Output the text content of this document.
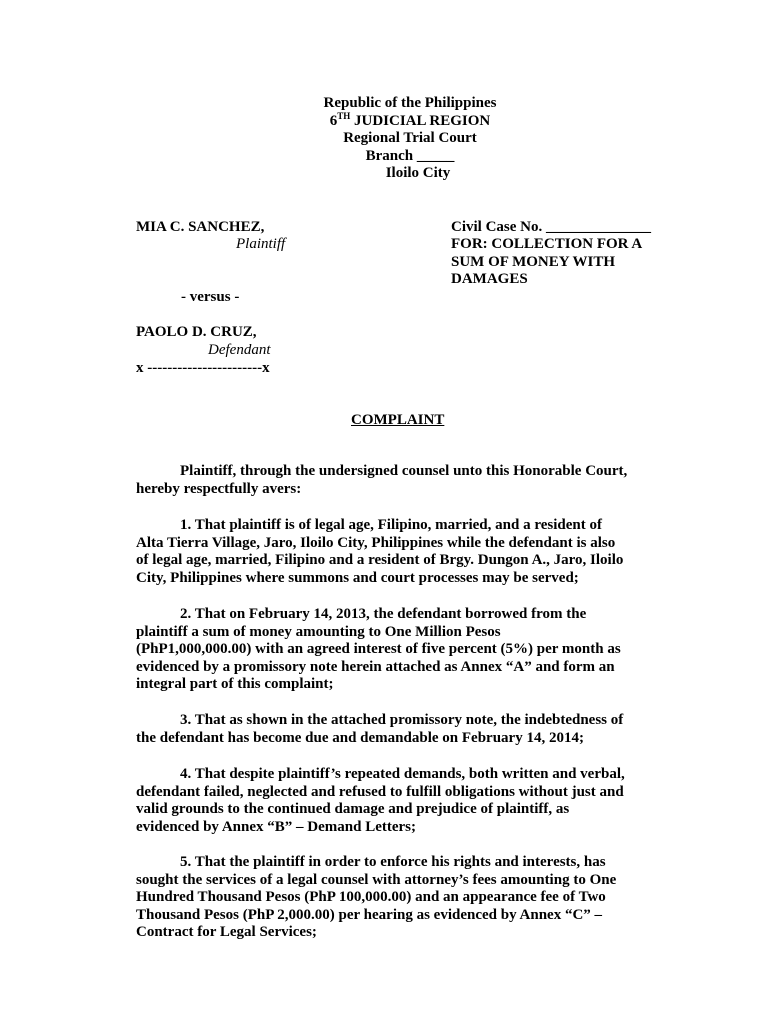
Republic of the Philippines
6TH JUDICIAL REGION
Regional Trial Court
Branch _____
Iloilo City
MIA C. SANCHEZ,
Plaintiff
- versus -
PAOLO D. CRUZ,
Defendant
x -----------------------x
Civil Case No. ______________
FOR: COLLECTION FOR A
SUM OF MONEY WITH
DAMAGES
COMPLAINT
Plaintiff, through the undersigned counsel unto this Honorable Court,
hereby respectfully avers:
1. That plaintiff is of legal age, Filipino, married, and a resident of
Alta Tierra Village, Jaro, Iloilo City, Philippines while the defendant is also
of legal age, married, Filipino and a resident of Brgy. Dungon A., Jaro, Iloilo
City, Philippines where summons and court processes may be served;
2. That on February 14, 2013, the defendant borrowed from the
plaintiff a sum of money amounting to One Million Pesos
(PhP1,000,000.00) with an agreed interest of five percent (5%) per month as
evidenced by a promissory note herein attached as Annex “A” and form an
integral part of this complaint;
3. That as shown in the attached promissory note, the indebtedness of
the defendant has become due and demandable on February 14, 2014;
4. That despite plaintiff’s repeated demands, both written and verbal,
defendant failed, neglected and refused to fulfill obligations without just and
valid grounds to the continued damage and prejudice of plaintiff, as
evidenced by Annex “B” – Demand Letters;
5. That the plaintiff in order to enforce his rights and interests, has
sought the services of a legal counsel with attorney’s fees amounting to One
Hundred Thousand Pesos (PhP 100,000.00) and an appearance fee of Two
Thousand Pesos (PhP 2,000.00) per hearing as evidenced by Annex “C” –
Contract for Legal Services;
